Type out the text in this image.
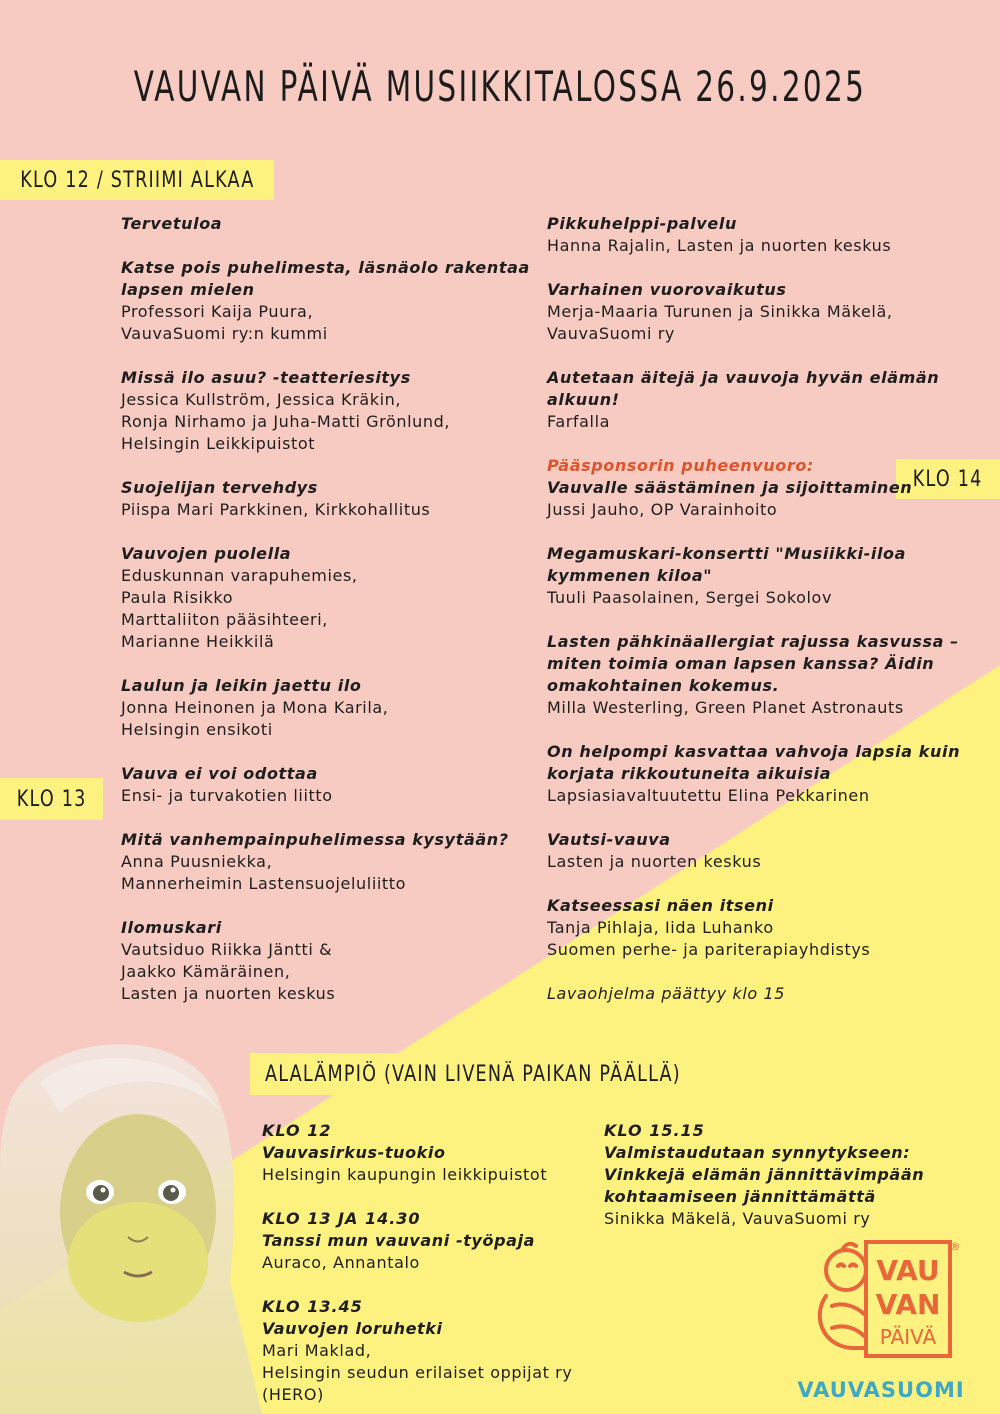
VAUVAN PÄIVÄ MUSIIKKITALOSSA 26.9.2025
KLO 12 / STRIIMI ALKAA
KLO 13
KLO 14
ALALÄMPIÖ (VAIN LIVENÄ PAIKAN PÄÄLLÄ)
Tervetuloa
Katse pois puhelimesta, läsnäolo rakentaa lapsen mielen
Professori Kaija Puura,
VauvaSuomi ry:n kummi
Missä ilo asuu? -teatteriesitys
Jessica Kullström, Jessica Kräkin,
Ronja Nirhamo ja Juha-Matti Grönlund,
Helsingin Leikkipuistot
Suojelijan tervehdys
Piispa Mari Parkkinen, Kirkkohallitus
Vauvojen puolella
Eduskunnan varapuhemies,
Paula Risikko
Marttaliiton pääsihteeri,
Marianne Heikkilä
Laulun ja leikin jaettu ilo
Jonna Heinonen ja Mona Karila,
Helsingin ensikoti
Vauva ei voi odottaa
Ensi- ja turvakotien liitto
Mitä vanhempainpuhelimessa kysytään?
Anna Puusniekka,
Mannerheimin Lastensuojeluliitto
Ilomuskari
Vautsiduo Riikka Jäntti &
Jaakko Kämäräinen,
Lasten ja nuorten keskus
Pikkuhelppi-palvelu
Hanna Rajalin, Lasten ja nuorten keskus
Varhainen vuorovaikutus
Merja-Maaria Turunen ja Sinikka Mäkelä,
VauvaSuomi ry
Autetaan äitejä ja vauvoja hyvän elämän alkuun!
Farfalla
Pääsponsorin puheenvuoro:
Vauvalle säästäminen ja sijoittaminen
Jussi Jauho, OP Varainhoito
Megamuskari-konsertti "Musiikki-iloa kymmenen kiloa"
Tuuli Paasolainen, Sergei Sokolov
Lasten pähkinäallergiat rajussa kasvussa – miten toimia oman lapsen kanssa? Äidin omakohtainen kokemus.
Milla Westerling, Green Planet Astronauts
On helpompi kasvattaa vahvoja lapsia kuin korjata rikkoutuneita aikuisia
Lapsiasiavaltuutettu Elina Pekkarinen
Vautsi-vauva
Lasten ja nuorten keskus
Katseessasi näen itseni
Tanja Pihlaja, Iida Luhanko
Suomen perhe- ja pariterapiayhdistys
Lavaohjelma päättyy klo 15
KLO 12
Vauvasirkus-tuokio
Helsingin kaupungin leikkipuistot
KLO 13 JA 14.30
Tanssi mun vauvani -työpaja
Auraco, Annantalo
KLO 13.45
Vauvojen loruhetki
Mari Maklad,
Helsingin seudun erilaiset oppijat ry (HERO)
KLO 15.15
Valmistaudutaan synnytykseen: Vinkkejä elämän jännittävimpään kohtaamiseen jännittämättä
Sinikka Mäkelä, VauvaSuomi ry
VAU
VAN
PÄIVÄ
®
VAUVASUOMI
